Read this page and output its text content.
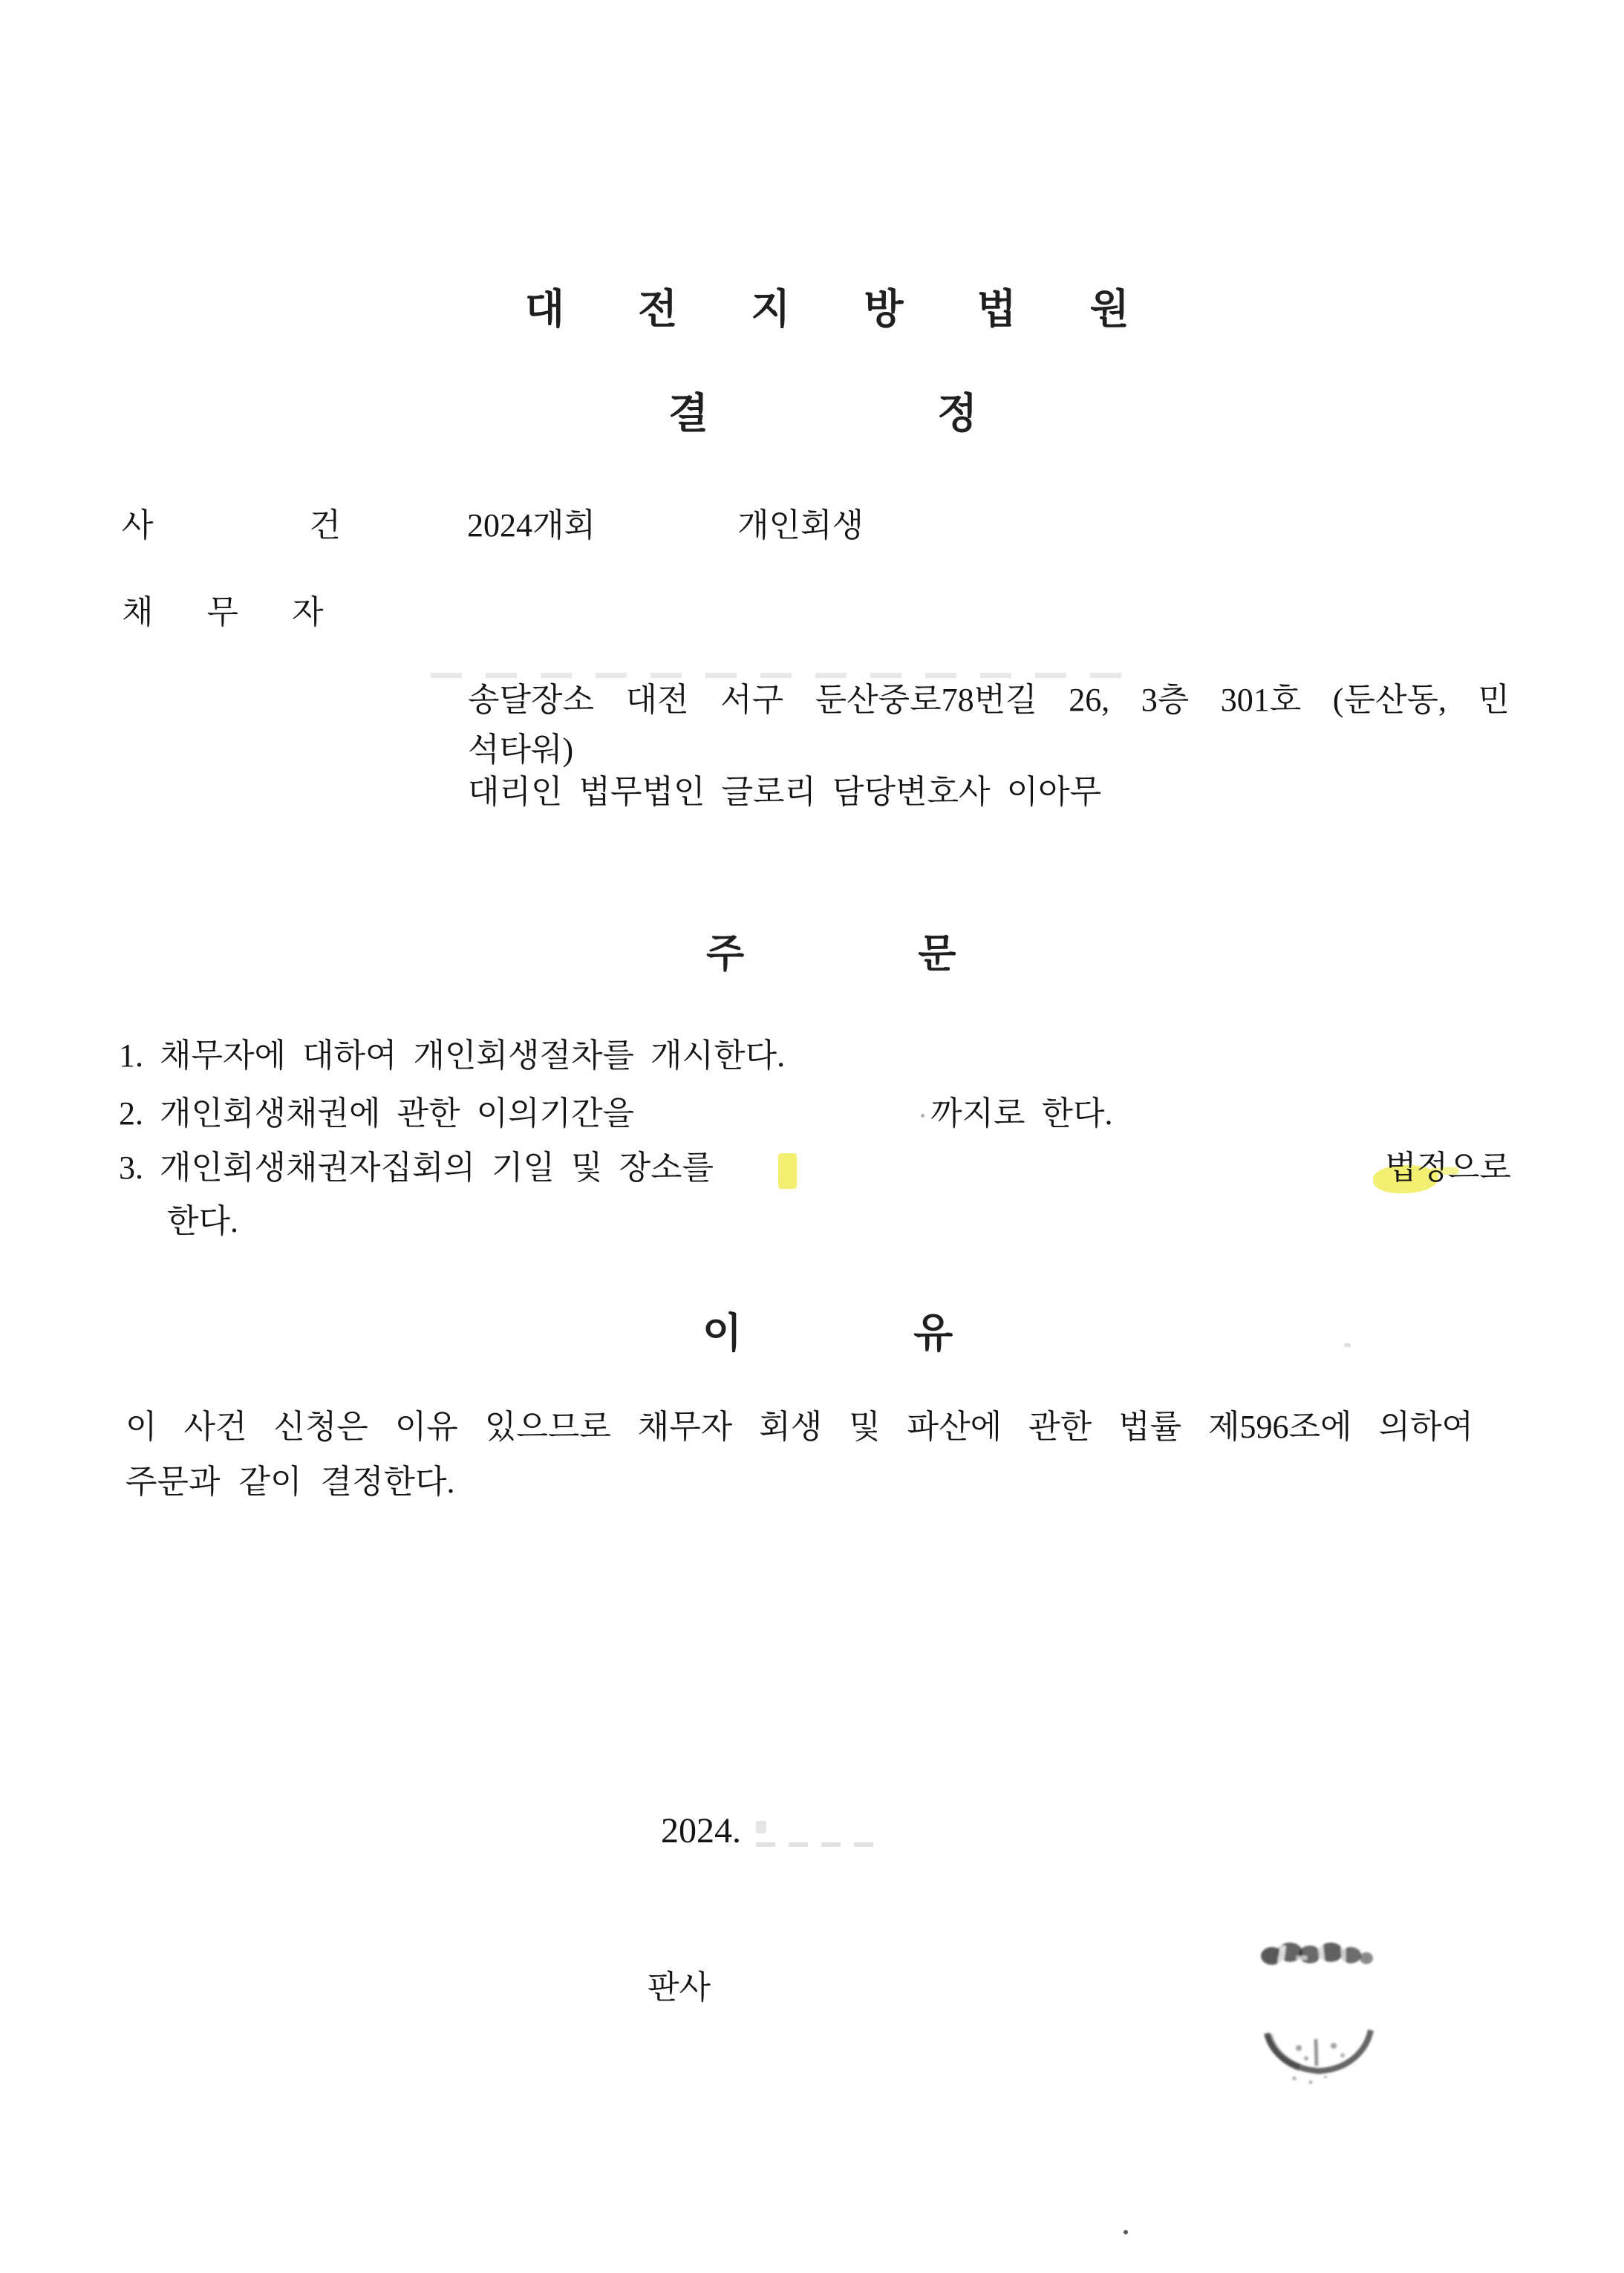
대전지방법원
결정
사건
2024개회	개인회생
채무자
송달장소 대전 서구 둔산중로78번길 26, 3층 301호 (둔산동, 민
석타워)
대리인 법무법인 글로리 담당변호사 이아무
주문
1. 채무자에 대하여 개인회생절차를 개시한다.
2. 개인회생채권에 관한 이의기간을	까지로 한다.
3. 개인회생채권자집회의 기일 및 장소를	법정으로
한다.
이유
이 사건 신청은 이유 있으므로 채무자 회생 및 파산에 관한 법률 제596조에 의하여
주문과 같이 결정한다.
2024.
판사
